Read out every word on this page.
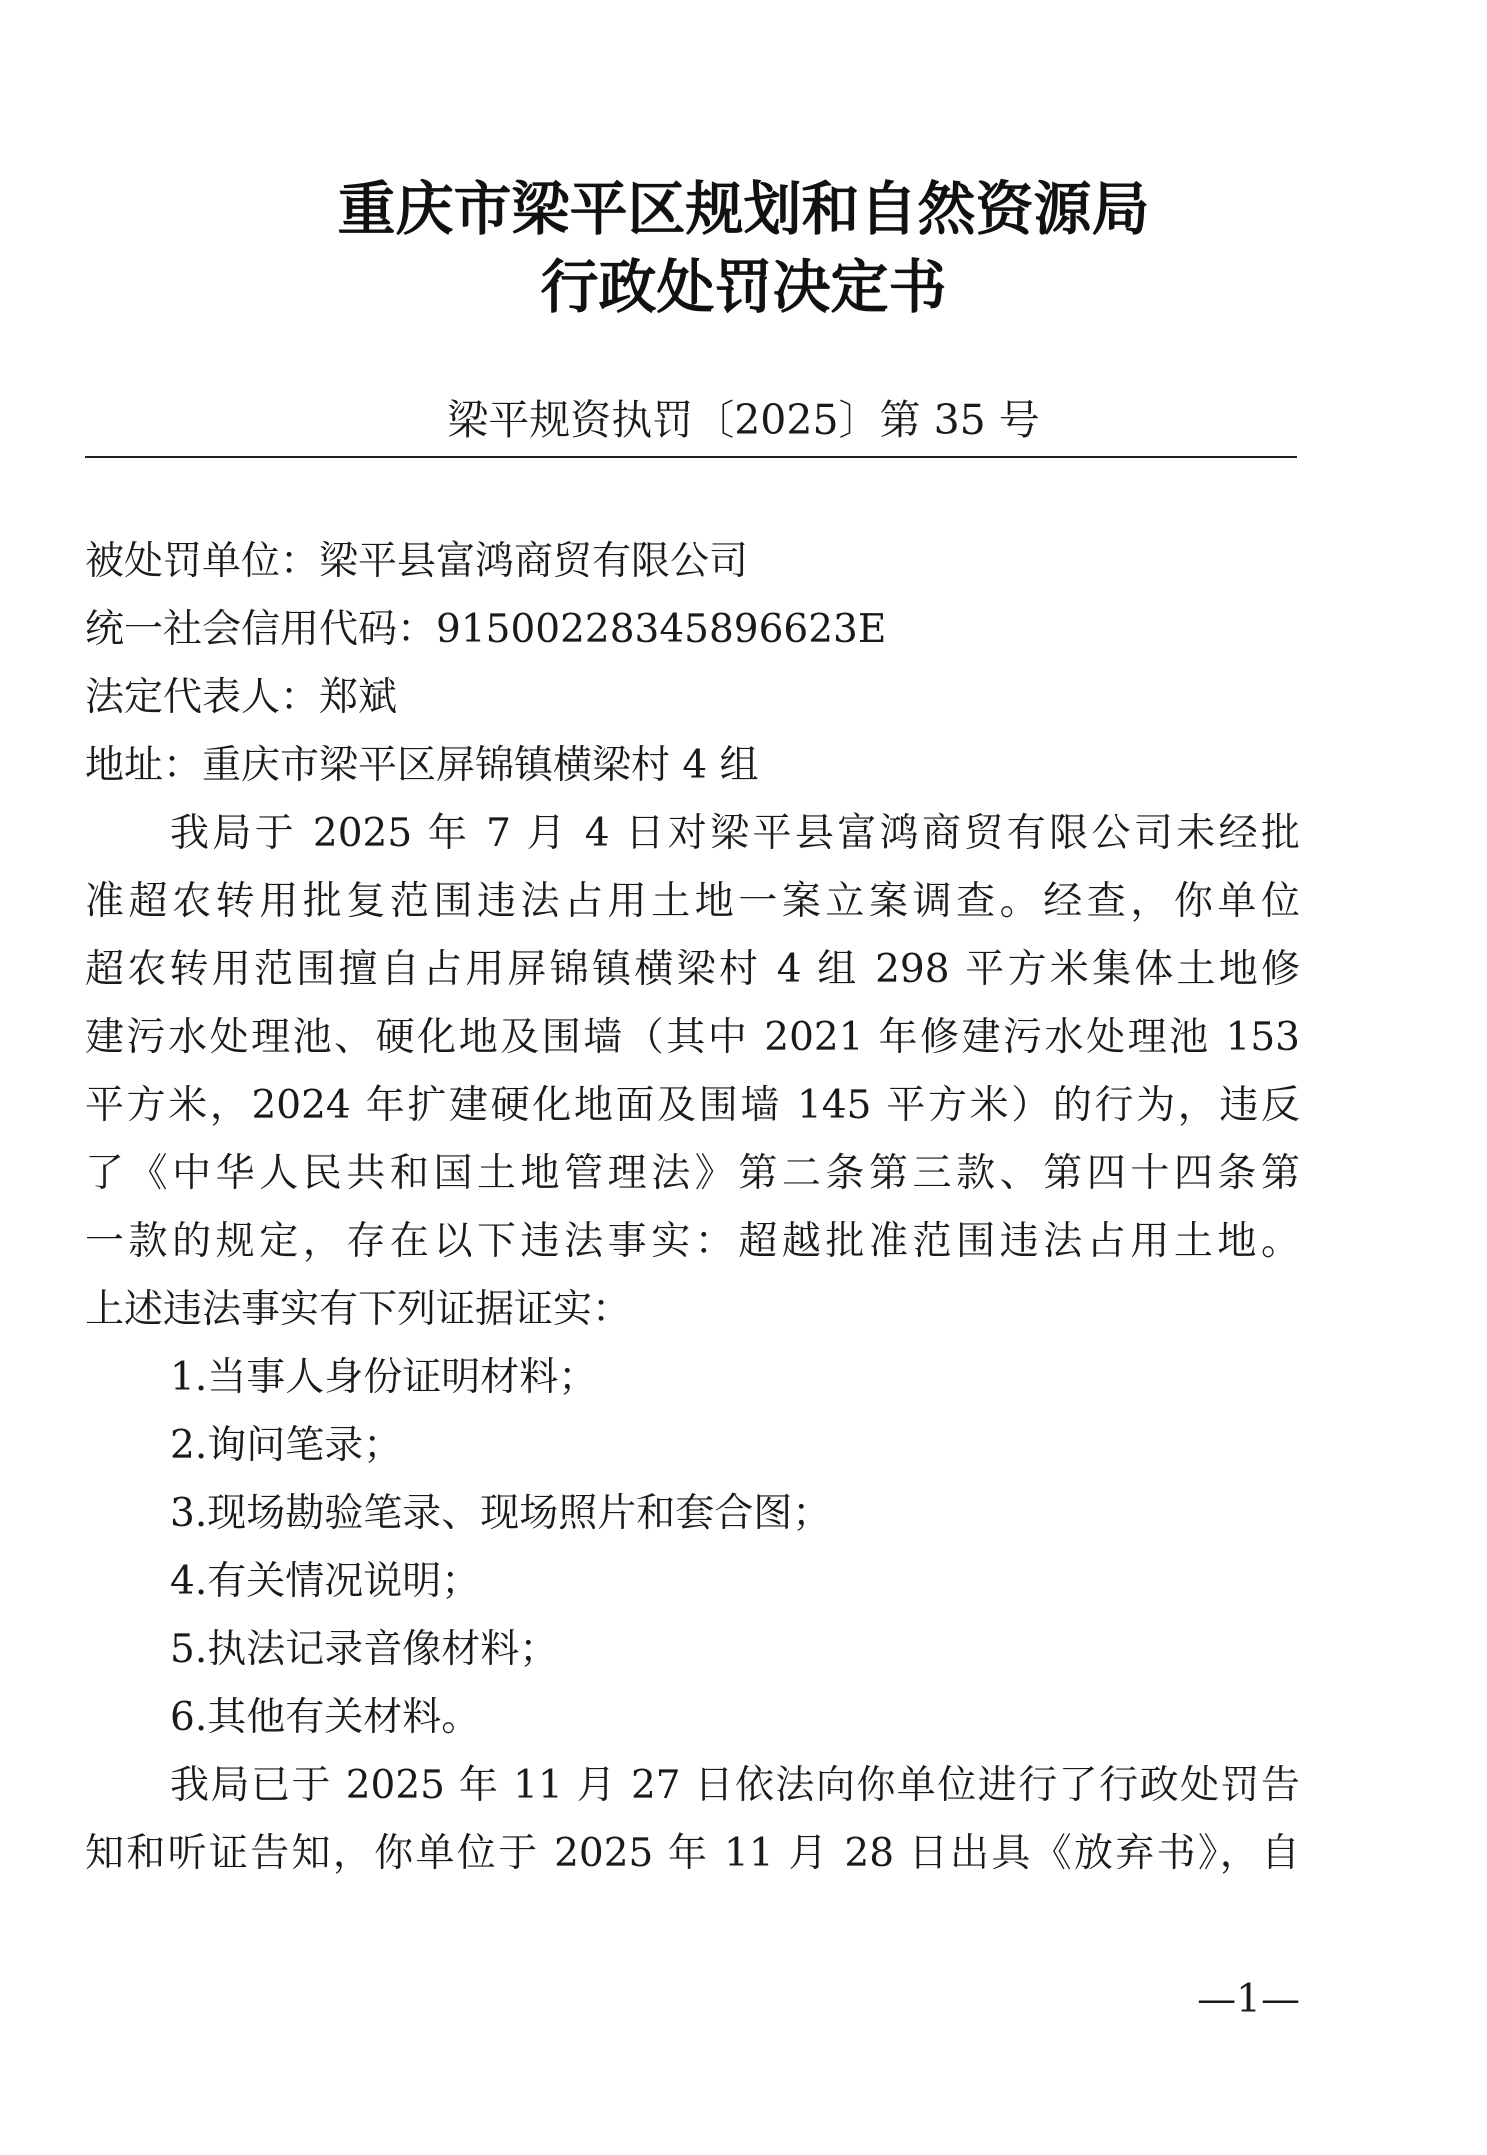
重庆市梁平区规划和自然资源局
行政处罚决定书
梁平规资执罚〔2025〕第 35 号
被处罚单位：梁平县富鸿商贸有限公司
统一社会信用代码：91500228345896623E
法定代表人：郑斌
地址：重庆市梁平区屏锦镇横梁村 4 组
我局于 2025 年 7 月 4 日对梁平县富鸿商贸有限公司未经批
准超农转用批复范围违法占用土地一案立案调查。经查，你单位
超农转用范围擅自占用屏锦镇横梁村 4 组 298 平方米集体土地修
建污水处理池、硬化地及围墙（其中 2021 年修建污水处理池 153
平方米，2024 年扩建硬化地面及围墙 145 平方米）的行为，违反
了《中华人民共和国土地管理法》第二条第三款、第四十四条第
一款的规定，存在以下违法事实：超越批准范围违法占用土地。
上述违法事实有下列证据证实：
1.当事人身份证明材料；
2.询问笔录；
3.现场勘验笔录、现场照片和套合图；
4.有关情况说明；
5.执法记录音像材料；
6.其他有关材料。
我局已于 2025 年 11 月 27 日依法向你单位进行了行政处罚告
知和听证告知，你单位于 2025 年 11 月 28 日出具《放弃书》，自
—1—
